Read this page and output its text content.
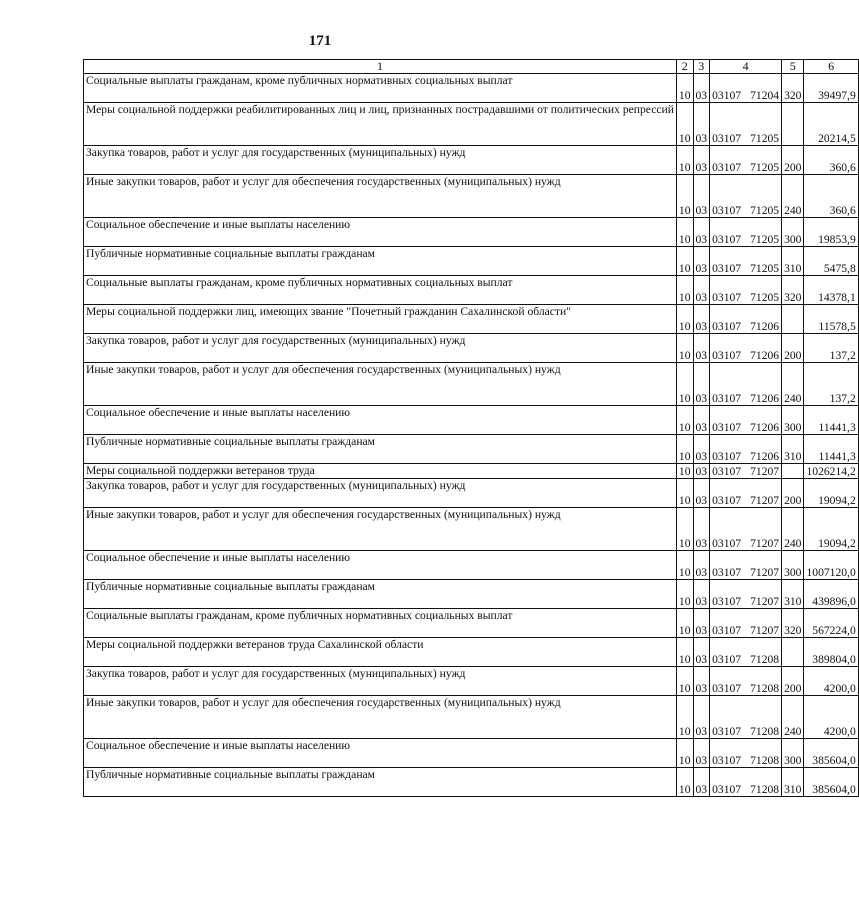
171
1	2	3	4	5	6
Социальные выплаты гражданам, кроме публичных нормативных социальных выплат	10	03	03107 71204	320	39497,9
Меры социальной поддержки реабилитированных лиц и лиц, признанных пострадавшими от политических репрессий	10	03	03107 71205		20214,5
Закупка товаров, работ и услуг для государственных (муниципальных) нужд	10	03	03107 71205	200	360,6
Иные закупки товаров, работ и услуг для обеспечения государственных (муниципальных) нужд	10	03	03107 71205	240	360,6
Социальное обеспечение и иные выплаты населению	10	03	03107 71205	300	19853,9
Публичные нормативные социальные выплаты гражданам	10	03	03107 71205	310	5475,8
Социальные выплаты гражданам, кроме публичных нормативных социальных выплат	10	03	03107 71205	320	14378,1
Меры социальной поддержки лиц, имеющих звание "Почетный гражданин Сахалинской области"	10	03	03107 71206		11578,5
Закупка товаров, работ и услуг для государственных (муниципальных) нужд	10	03	03107 71206	200	137,2
Иные закупки товаров, работ и услуг для обеспечения государственных (муниципальных) нужд	10	03	03107 71206	240	137,2
Социальное обеспечение и иные выплаты населению	10	03	03107 71206	300	11441,3
Публичные нормативные социальные выплаты гражданам	10	03	03107 71206	310	11441,3
Меры социальной поддержки ветеранов труда	10	03	03107 71207		1026214,2
Закупка товаров, работ и услуг для государственных (муниципальных) нужд	10	03	03107 71207	200	19094,2
Иные закупки товаров, работ и услуг для обеспечения государственных (муниципальных) нужд	10	03	03107 71207	240	19094,2
Социальное обеспечение и иные выплаты населению	10	03	03107 71207	300	1007120,0
Публичные нормативные социальные выплаты гражданам	10	03	03107 71207	310	439896,0
Социальные выплаты гражданам, кроме публичных нормативных социальных выплат	10	03	03107 71207	320	567224,0
Меры социальной поддержки ветеранов труда Сахалинской области	10	03	03107 71208		389804,0
Закупка товаров, работ и услуг для государственных (муниципальных) нужд	10	03	03107 71208	200	4200,0
Иные закупки товаров, работ и услуг для обеспечения государственных (муниципальных) нужд	10	03	03107 71208	240	4200,0
Социальное обеспечение и иные выплаты населению	10	03	03107 71208	300	385604,0
Публичные нормативные социальные выплаты гражданам	10	03	03107 71208	310	385604,0
